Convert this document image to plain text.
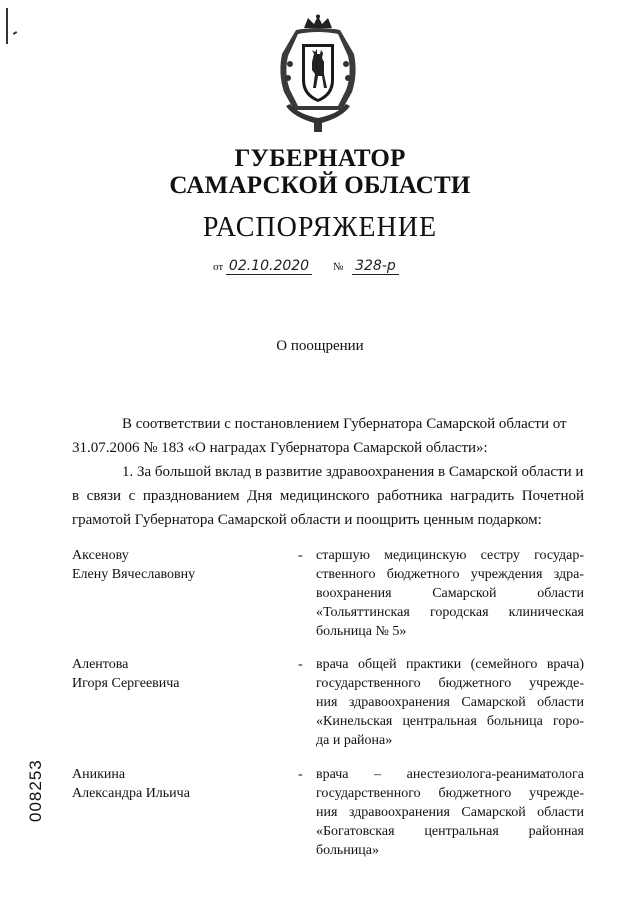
ГУБЕРНАТОР
САМАРСКОЙ ОБЛАСТИ
РАСПОРЯЖЕНИЕ
от 02.10.2020 № 328-р
О поощрении
В соответствии с постановлением Губернатора Самарской области от
31.07.2006 № 183 «О наградах Губернатора Самарской области»:
1. За большой вклад в развитие здравоохранения в Самарской области и
в связи с празднованием Дня медицинского работника наградить Почетной
грамотой Губернатора Самарской области и поощрить ценным подарком:
Аксенову
Елену Вячеславовну
- старшую медицинскую сестру государ-
ственного бюджетного учреждения здра-
воохранения Самарской области
«Тольяттинская городская клиническая
больница № 5»
Алентова
Игоря Сергеевича
- врача общей практики (семейного врача)
государственного бюджетного учрежде-
ния здравоохранения Самарской области
«Кинельская центральная больница горо-
да и района»
Аникина
Александра Ильича
- врача – анестезиолога-реаниматолога
государственного бюджетного учрежде-
ния здравоохранения Самарской области
«Богатовская центральная районная
больница»
008253
